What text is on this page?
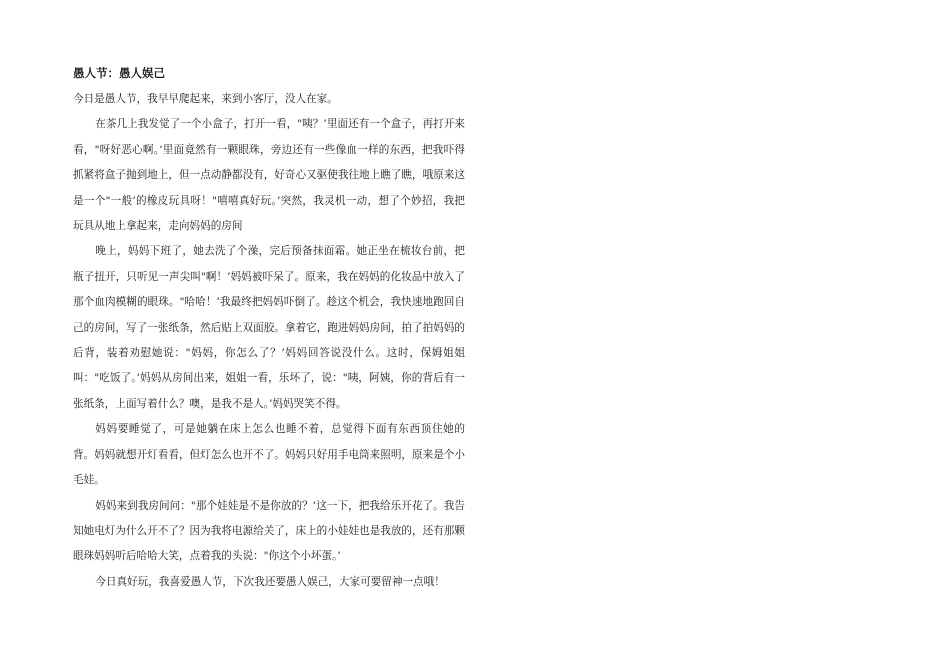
愚人节：愚人娱己

今日是愚人节，我早早爬起来，来到小客厅，没人在家。

在茶几上我发觉了一个小盒子，打开一看，"咦？’里面还有一个盒子，再打开来看，"呀好恶心啊。’里面竟然有一颗眼珠，旁边还有一些像血一样的东西，把我吓得抓紧将盒子抛到地上，但一点动静都没有，好奇心又驱使我往地上瞧了瞧，哦原来这是一个"一般’的橡皮玩具呀！"嘻嘻真好玩。’突然，我灵机一动，想了个妙招，我把玩具从地上拿起来，走向妈妈的房间

晚上，妈妈下班了，她去洗了个澡，完后预备抹面霜。她正坐在梳妆台前，把瓶子扭开，只听见一声尖叫"啊！’妈妈被吓呆了。原来，我在妈妈的化妆品中放入了那个血肉模糊的眼珠。"哈哈！’我最终把妈妈吓倒了。趁这个机会，我快速地跑回自己的房间，写了一张纸条，然后贴上双面胶。拿着它，跑进妈妈房间，拍了拍妈妈的后背，装着劝慰她说："妈妈，你怎么了？’妈妈回答说没什么。这时，保姆姐姐叫："吃饭了。’妈妈从房间出来，姐姐一看，乐坏了，说："咦，阿姨，你的背后有一张纸条，上面写着什么？噢，是我不是人。’妈妈哭笑不得。

妈妈要睡觉了，可是她躺在床上怎么也睡不着，总觉得下面有东西顶住她的背。妈妈就想开灯看看，但灯怎么也开不了。妈妈只好用手电筒来照明，原来是个小毛娃。

妈妈来到我房间问："那个娃娃是不是你放的？’这一下，把我给乐开花了。我告知她电灯为什么开不了？因为我将电源给关了，床上的小娃娃也是我放的，还有那颗眼珠妈妈听后哈哈大笑，点着我的头说："你这个小坏蛋。’

今日真好玩，我喜爱愚人节，下次我还要愚人娱己，大家可要留神一点哦！
